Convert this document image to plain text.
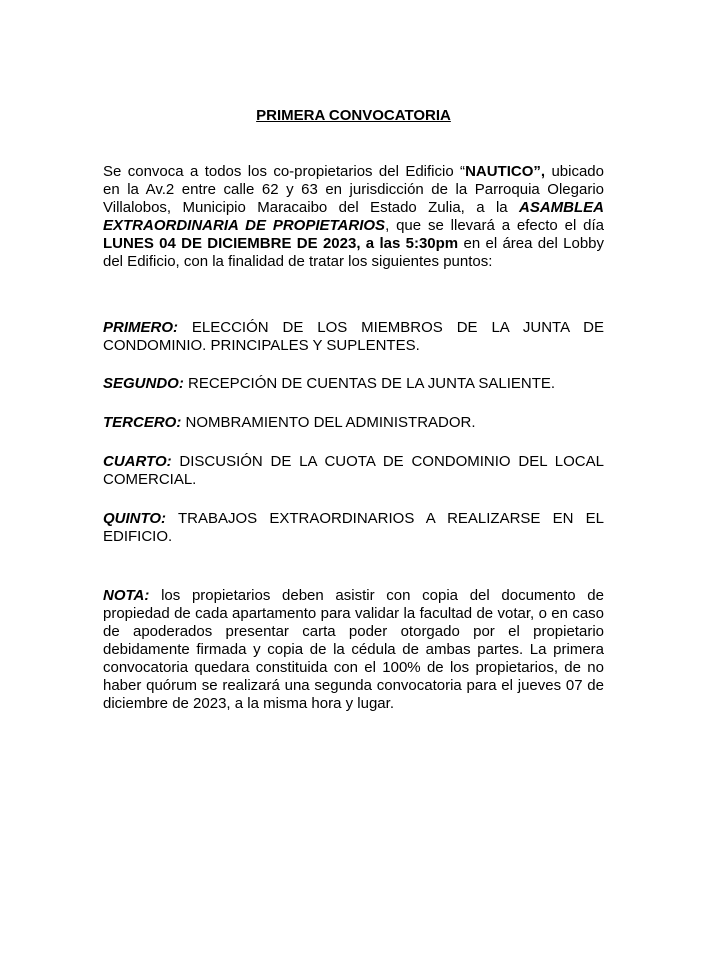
PRIMERA CONVOCATORIA

Se convoca a todos los co-propietarios del Edificio “NAUTICO”, ubicado en la Av.2 entre calle 62 y 63 en jurisdicción de la Parroquia Olegario Villalobos, Municipio Maracaibo del Estado Zulia, a la ASAMBLEA EXTRAORDINARIA DE PROPIETARIOS, que se llevará a efecto el día LUNES 04 DE DICIEMBRE DE 2023, a las 5:30pm en el área del Lobby del Edificio, con la finalidad de tratar los siguientes puntos:

PRIMERO: ELECCIÓN DE LOS MIEMBROS DE LA JUNTA DE CONDOMINIO. PRINCIPALES Y SUPLENTES.

SEGUNDO: RECEPCIÓN DE CUENTAS DE LA JUNTA SALIENTE.

TERCERO: NOMBRAMIENTO DEL ADMINISTRADOR.

CUARTO: DISCUSIÓN DE LA CUOTA DE CONDOMINIO DEL LOCAL COMERCIAL.

QUINTO: TRABAJOS EXTRAORDINARIOS A REALIZARSE EN EL EDIFICIO.

NOTA: los propietarios deben asistir con copia del documento de propiedad de cada apartamento para validar la facultad de votar, o en caso de apoderados presentar carta poder otorgado por el propietario debidamente firmada y copia de la cédula de ambas partes. La primera convocatoria quedara constituida con el 100% de los propietarios, de no haber quórum se realizará una segunda convocatoria para el jueves 07 de diciembre de 2023, a la misma hora y lugar.
